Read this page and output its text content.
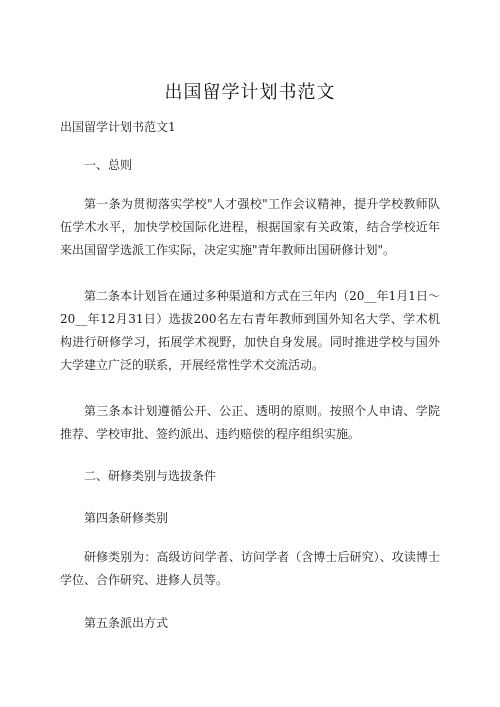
出国留学计划书范文

出国留学计划书范文1

一、总则

第一条为贯彻落实学校"人才强校"工作会议精神，提升学校教师队伍学术水平，加快学校国际化进程，根据国家有关政策，结合学校近年来出国留学选派工作实际，决定实施"青年教师出国研修计划"。

第二条本计划旨在通过多种渠道和方式在三年内（20__年1月1日～20__年12月31日）选拔200名左右青年教师到国外知名大学、学术机构进行研修学习，拓展学术视野，加快自身发展。同时推进学校与国外大学建立广泛的联系，开展经常性学术交流活动。

第三条本计划遵循公开、公正、透明的原则。按照个人申请、学院推荐、学校审批、签约派出、违约赔偿的程序组织实施。

二、研修类别与选拔条件

第四条研修类别

研修类别为：高级访问学者、访问学者（含博士后研究）、攻读博士学位、合作研究、进修人员等。

第五条派出方式
